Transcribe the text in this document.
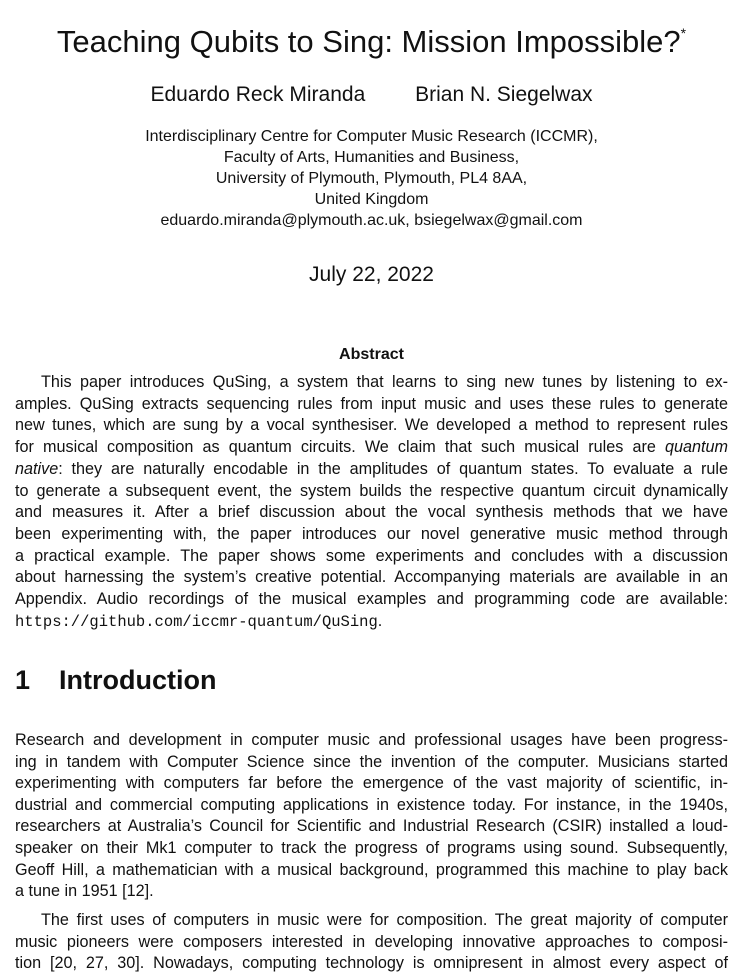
Teaching Qubits to Sing: Mission Impossible?*
Eduardo Reck Miranda Brian N. Siegelwax
Interdisciplinary Centre for Computer Music Research (ICCMR),
Faculty of Arts, Humanities and Business,
University of Plymouth, Plymouth, PL4 8AA,
United Kingdom
eduardo.miranda@plymouth.ac.uk, bsiegelwax@gmail.com
July 22, 2022
Abstract
This paper introduces QuSing, a system that learns to sing new tunes by listening to ex-
amples. QuSing extracts sequencing rules from input music and uses these rules to generate
new tunes, which are sung by a vocal synthesiser. We developed a method to represent rules
for musical composition as quantum circuits. We claim that such musical rules are quantum
native: they are naturally encodable in the amplitudes of quantum states. To evaluate a rule
to generate a subsequent event, the system builds the respective quantum circuit dynamically
and measures it. After a brief discussion about the vocal synthesis methods that we have
been experimenting with, the paper introduces our novel generative music method through
a practical example. The paper shows some experiments and concludes with a discussion
about harnessing the system’s creative potential. Accompanying materials are available in an
Appendix. Audio recordings of the musical examples and programming code are available:
https://github.com/iccmr-quantum/QuSing.
1 Introduction
Research and development in computer music and professional usages have been progress-
ing in tandem with Computer Science since the invention of the computer. Musicians started
experimenting with computers far before the emergence of the vast majority of scientific, in-
dustrial and commercial computing applications in existence today. For instance, in the 1940s,
researchers at Australia’s Council for Scientific and Industrial Research (CSIR) installed a loud-
speaker on their Mk1 computer to track the progress of programs using sound. Subsequently,
Geoff Hill, a mathematician with a musical background, programmed this machine to play back
a tune in 1951 [12].
The first uses of computers in music were for composition. The great majority of computer
music pioneers were composers interested in developing innovative approaches to composi-
tion [20, 27, 30]. Nowadays, computing technology is omnipresent in almost every aspect of
